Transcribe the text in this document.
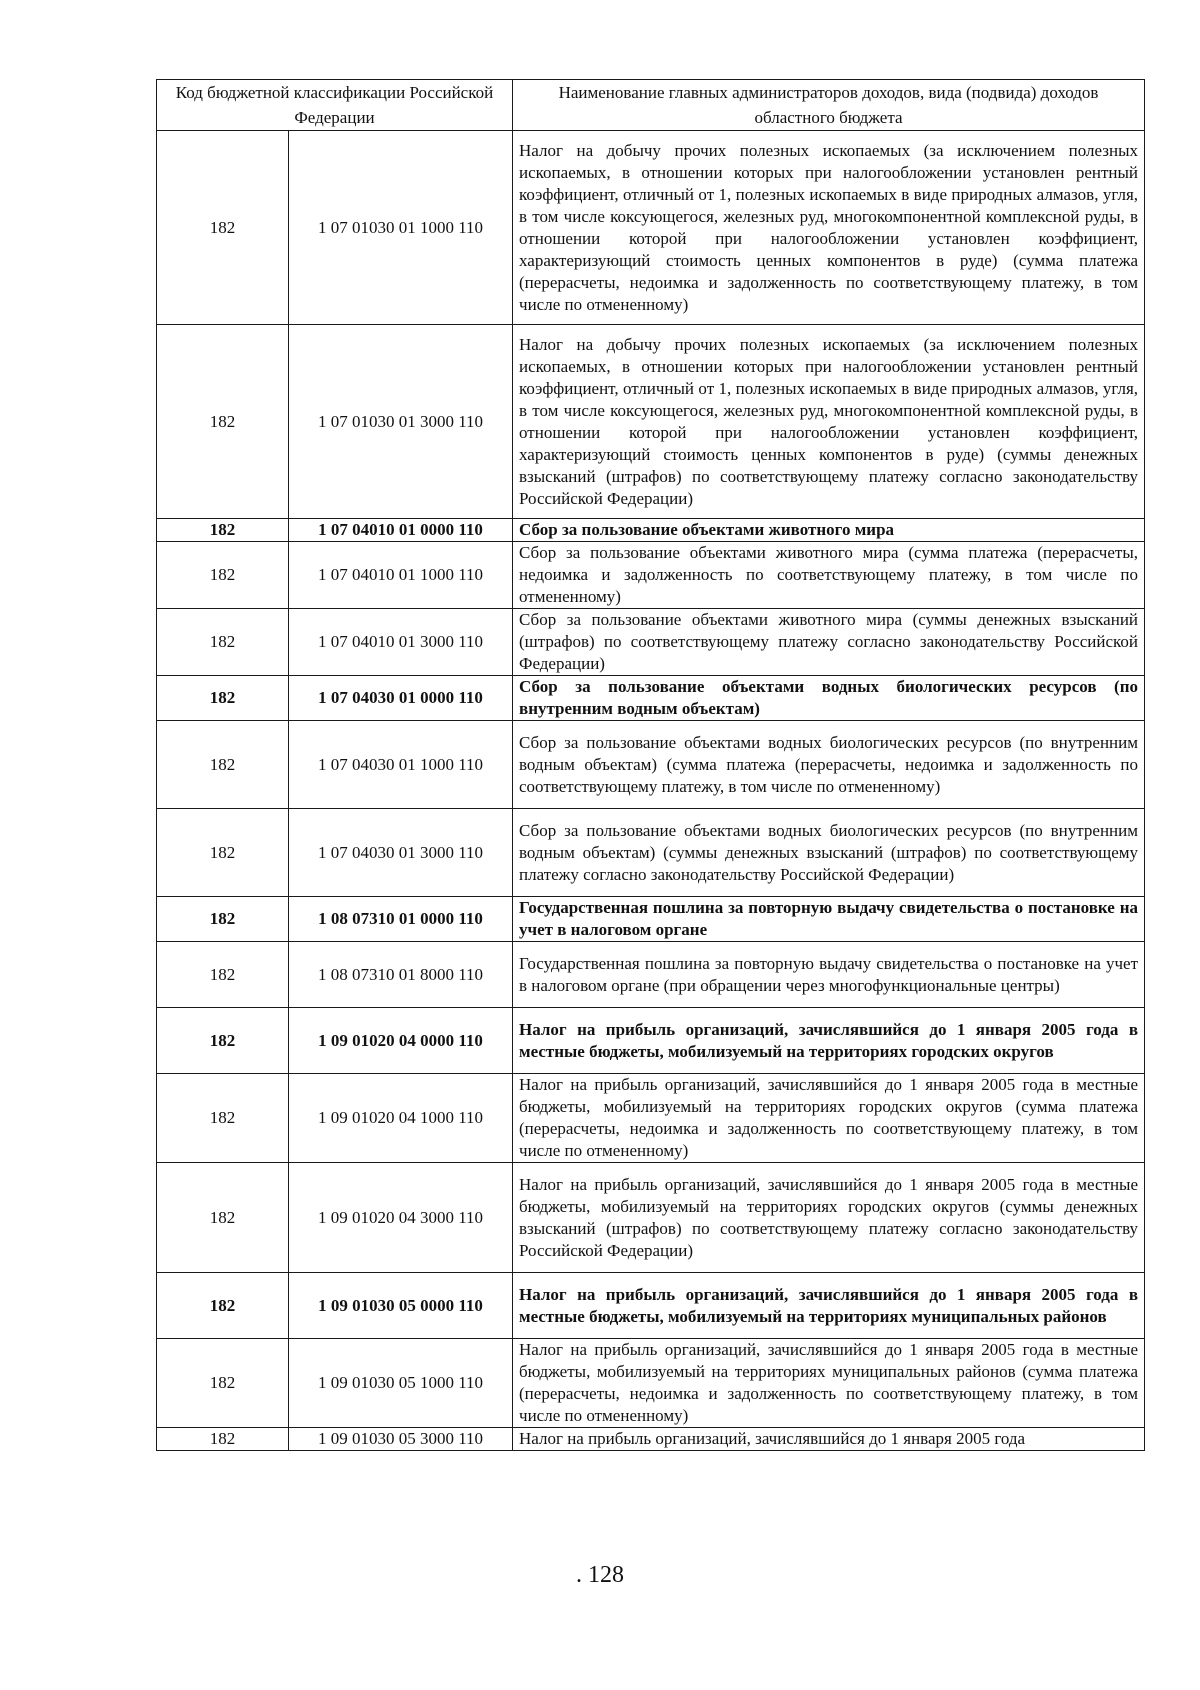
Код бюджетной классификации Российской Федерации		Наименование главных администраторов доходов, вида (подвида) доходов областного бюджета
182	1 07 01030 01 1000 110	Налог на добычу прочих полезных ископаемых (за исключением полезных ископаемых, в отношении которых при налогообложении установлен рентный коэффициент, отличный от 1, полезных ископаемых в виде природных алмазов, угля, в том числе коксующегося, железных руд, многокомпонентной комплексной руды, в отношении которой при налогообложении установлен коэффициент, характеризующий стоимость ценных компонентов в руде) (сумма платежа (перерасчеты, недоимка и задолженность по соответствующему платежу, в том числе по отмененному)
182	1 07 01030 01 3000 110	Налог на добычу прочих полезных ископаемых (за исключением полезных ископаемых, в отношении которых при налогообложении установлен рентный коэффициент, отличный от 1, полезных ископаемых в виде природных алмазов, угля, в том числе коксующегося, железных руд, многокомпонентной комплексной руды, в отношении которой при налогообложении установлен коэффициент, характеризующий стоимость ценных компонентов в руде) (суммы денежных взысканий (штрафов) по соответствующему платежу согласно законодательству Российской Федерации)
182	1 07 04010 01 0000 110	Сбор за пользование объектами животного мира
182	1 07 04010 01 1000 110	Сбор за пользование объектами животного мира (сумма платежа (перерасчеты, недоимка и задолженность по соответствующему платежу, в том числе по отмененному)
182	1 07 04010 01 3000 110	Сбор за пользование объектами животного мира (суммы денежных взысканий (штрафов) по соответствующему платежу согласно законодательству Российской Федерации)
182	1 07 04030 01 0000 110	Сбор за пользование объектами водных биологических ресурсов (по внутренним водным объектам)
182	1 07 04030 01 1000 110	Сбор за пользование объектами водных биологических ресурсов (по внутренним водным объектам) (сумма платежа (перерасчеты, недоимка и задолженность по соответствующему платежу, в том числе по отмененному)
182	1 07 04030 01 3000 110	Сбор за пользование объектами водных биологических ресурсов (по внутренним водным объектам) (суммы денежных взысканий (штрафов) по соответствующему платежу согласно законодательству Российской Федерации)
182	1 08 07310 01 0000 110	Государственная пошлина за повторную выдачу свидетельства о постановке на учет в налоговом органе
182	1 08 07310 01 8000 110	Государственная пошлина за повторную выдачу свидетельства о постановке на учет в налоговом органе (при обращении через многофункциональные центры)
182	1 09 01020 04 0000 110	Налог на прибыль организаций, зачислявшийся до 1 января 2005 года в местные бюджеты, мобилизуемый на территориях городских округов
182	1 09 01020 04 1000 110	Налог на прибыль организаций, зачислявшийся до 1 января 2005 года в местные бюджеты, мобилизуемый на территориях городских округов (сумма платежа (перерасчеты, недоимка и задолженность по соответствующему платежу, в том числе по отмененному)
182	1 09 01020 04 3000 110	Налог на прибыль организаций, зачислявшийся до 1 января 2005 года в местные бюджеты, мобилизуемый на территориях городских округов (суммы денежных взысканий (штрафов) по соответствующему платежу согласно законодательству Российской Федерации)
182	1 09 01030 05 0000 110	Налог на прибыль организаций, зачислявшийся до 1 января 2005 года в местные бюджеты, мобилизуемый на территориях муниципальных районов
182	1 09 01030 05 1000 110	Налог на прибыль организаций, зачислявшийся до 1 января 2005 года в местные бюджеты, мобилизуемый на территориях муниципальных районов (сумма платежа (перерасчеты, недоимка и задолженность по соответствующему платежу, в том числе по отмененному)
182	1 09 01030 05 3000 110	Налог на прибыль организаций, зачислявшийся до 1 января 2005 года
. 128
